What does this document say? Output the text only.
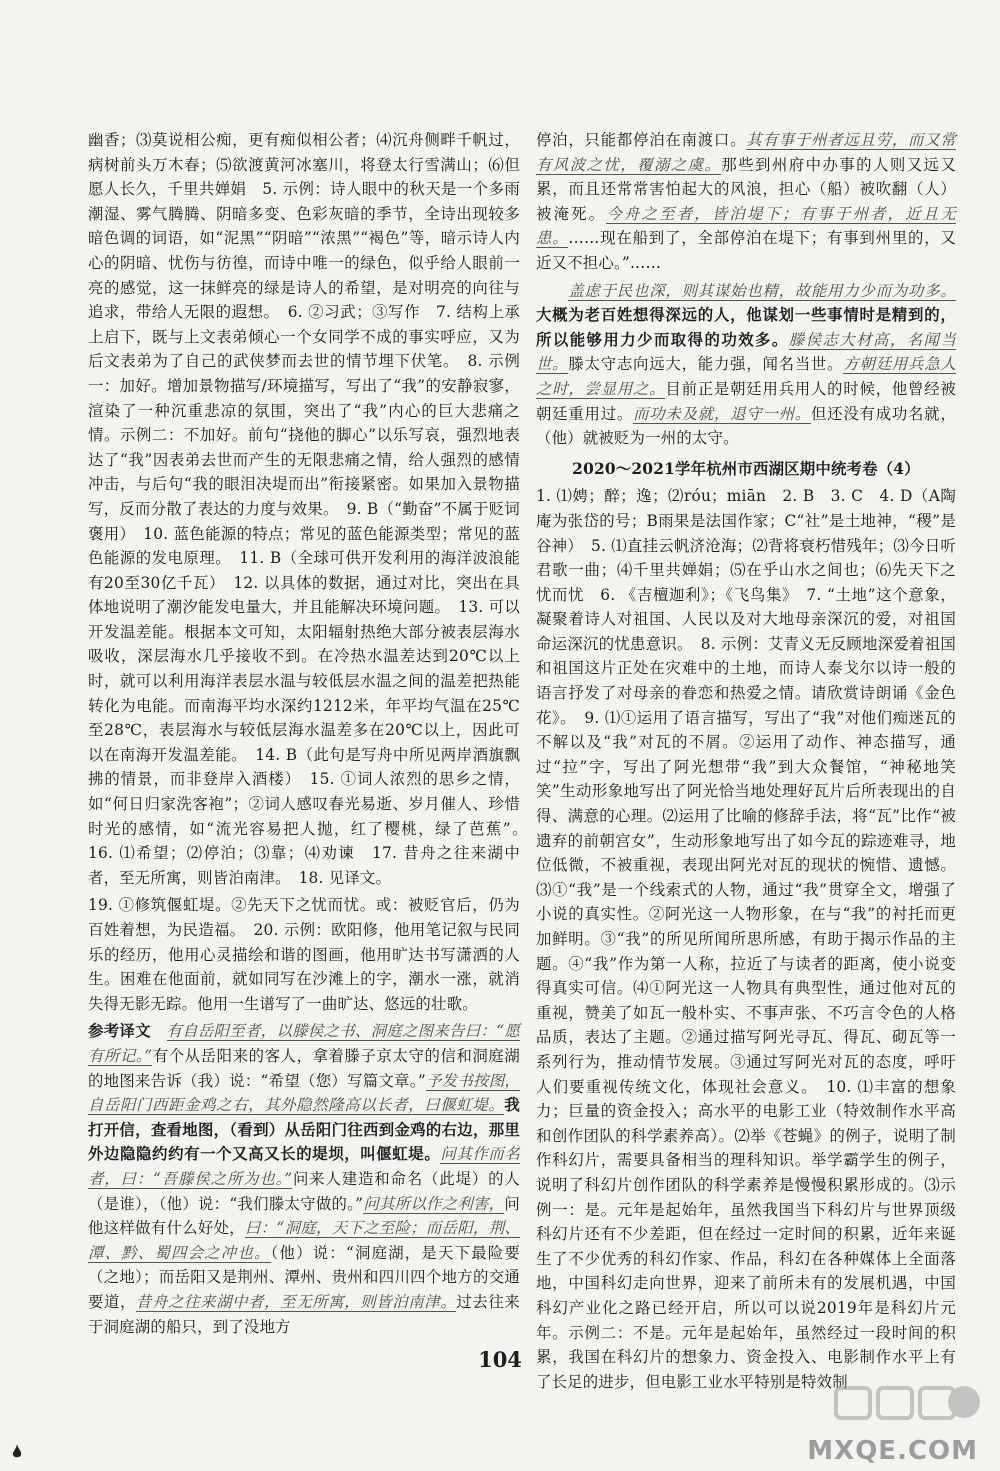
幽香；⑶莫说相公痴，更有痴似相公者；⑷沉舟侧畔千帆过，病树前头万木春；⑸欲渡黄河冰塞川，将登太行雪满山；⑹但愿人长久，千里共婵娟　5. 示例：诗人眼中的秋天是一个多雨潮湿、雾气腾腾、阴暗多变、色彩灰暗的季节，全诗出现较多暗色调的词语，如“泥黑”“阴暗”“浓黑”“褐色”等，暗示诗人内心的阴暗、忧伤与彷徨，而诗中唯一的绿色，似乎给人眼前一亮的感觉，这一抹鲜亮的绿是诗人的希望，是对明亮的向往与追求，带给人无限的遐想。　6. ②习武；③写作　7. 结构上承上启下，既与上文表弟倾心一个女同学不成的事实呼应，又为后文表弟为了自己的武侠梦而去世的情节埋下伏笔。　8. 示例一：加好。增加景物描写/环境描写，写出了“我”的安静寂寥，渲染了一种沉重悲凉的氛围，突出了“我”内心的巨大悲痛之情。示例二：不加好。前句“挠他的脚心”以乐写哀，强烈地表达了“我”因表弟去世而产生的无限悲痛之情，给人强烈的感情冲击，与后句“我的眼泪决堤而出”衔接紧密。如果加入景物描写，反而分散了表达的力度与效果。　9. B（“勤奋”不属于贬词褒用）　10. 蓝色能源的特点；常见的蓝色能源类型；常见的蓝色能源的发电原理。　11. B（全球可供开发利用的海洋波浪能有20至30亿千瓦）　12. 以具体的数据，通过对比，突出在具体地说明了潮汐能发电量大，并且能解决环境问题。　13. 可以开发温差能。根据本文可知，太阳辐射热绝大部分被表层海水吸收，深层海水几乎接收不到。在冷热水温差达到20℃以上时，就可以利用海洋表层水温与较低层水温之间的温差把热能转化为电能。而南海平均水深约1212米，年平均气温在25℃至28℃，表层海水与较低层海水温差多在20℃以上，因此可以在南海开发温差能。　14. B（此句是写舟中所见两岸酒旗飘拂的情景，而非登岸入酒楼）　15. ①词人浓烈的思乡之情，如“何日归家洗客袍”；②词人感叹春光易逝、岁月催人、珍惜时光的感情，如“流光容易把人抛，红了樱桃，绿了芭蕉”。　16. ⑴希望；⑵停泊；⑶靠；⑷劝谏　17. 昔舟之往来湖中者，至无所寓，则皆泊南津。　18. 见译文。

19. ①修筑偃虹堤。②先天下之忧而忧。或：被贬官后，仍为百姓着想，为民造福。　20. 示例：欧阳修，他用笔记叙与民同乐的经历，他用心灵描绘和谐的图画，他用旷达书写潇洒的人生。困难在他面前，就如同写在沙滩上的字，潮水一涨，就消失得无影无踪。他用一生谱写了一曲旷达、悠远的壮歌。

参考译文　 有自岳阳至者，以滕侯之书、洞庭之图来告曰：“愿有所记。”有个从岳阳来的客人，拿着滕子京太守的信和洞庭湖的地图来告诉（我）说：“希望（您）写篇文章。”予发书按图，自岳阳门西距金鸡之右，其外隐然隆高以长者，曰偃虹堤。我打开信，查看地图，（看到）从岳阳门往西到金鸡的右边，那里外边隐隐约约有一个又高又长的堤坝，叫偃虹堤。问其作而名者，曰：“吾滕侯之所为也。”问来人建造和命名（此堤）的人（是谁），（他）说：“我们滕太守做的。”问其所以作之利害，问他这样做有什么好处，曰：“洞庭，天下之至险；而岳阳，荆、潭、黔、蜀四会之冲也。（他）说：“洞庭湖，是天下最险要（之地）；而岳阳又是荆州、潭州、贵州和四川四个地方的交通要道，昔舟之往来湖中者，至无所寓，则皆泊南津。过去往来于洞庭湖的船只，到了没地方

停泊，只能都停泊在南渡口。其有事于州者远且劳，而又常有风波之忧，覆溺之虞。那些到州府中办事的人则又远又累，而且还常常害怕起大的风浪，担心（船）被吹翻（人）被淹死。今舟之至者，皆泊堤下；有事于州者，近且无患。……现在船到了，全部停泊在堤下；有事到州里的，又近又不担心。”……

　　盖虑于民也深，则其谋始也精，故能用力少而为功多。大概为老百姓想得深远的人，他谋划一些事情时是精到的，所以能够用力少而取得的功效多。滕侯志大材高，名闻当世。滕太守志向远大，能力强，闻名当世。方朝廷用兵急人之时，尝显用之。目前正是朝廷用兵用人的时候，他曾经被朝廷重用过。而功未及就，退守一州。但还没有成功名就，（他）就被贬为一州的太守。

2020～2021学年杭州市西湖区期中统考卷（4）

1. ⑴娉；醉；逸；⑵róu；miān　2. B　3. C　4. D（A陶庵为张岱的号；B雨果是法国作家；C“社”是土地神，“稷”是谷神）　5. ⑴直挂云帆济沧海；⑵背将衰朽惜残年；⑶今日听君歌一曲；⑷千里共婵娟；⑸在乎山水之间也；⑹先天下之忧而忧　6. 《吉檀迦利》；《飞鸟集》　7. “土地”这个意象，凝聚着诗人对祖国、人民以及对大地母亲深沉的爱，对祖国命运深沉的忧患意识。　8. 示例：艾青义无反顾地深爱着祖国和祖国这片正处在灾难中的土地，而诗人泰戈尔以诗一般的语言抒发了对母亲的眷恋和热爱之情。请欣赏诗朗诵《金色花》。　9. ⑴①运用了语言描写，写出了“我”对他们痴迷瓦的不解以及“我”对瓦的不屑。②运用了动作、神态描写，通过“拉”字，写出了阿光想带“我”到大众餐馆，“神秘地笑笑”生动形象地写出了阿光恰当地处理好瓦片后所表现出的自得、满意的心理。⑵运用了比喻的修辞手法，将“瓦”比作“被遗弃的前朝宫女”，生动形象地写出了如今瓦的踪迹难寻，地位低微，不被重视，表现出阿光对瓦的现状的惋惜、遗憾。⑶①“我”是一个线索式的人物，通过“我”贯穿全文，增强了小说的真实性。②阿光这一人物形象，在与“我”的衬托而更加鲜明。③“我”的所见所闻所思所感，有助于揭示作品的主题。④“我”作为第一人称，拉近了与读者的距离，使小说变得真实可信。⑷①阿光这一人物具有典型性，通过他对瓦的重视，赞美了如瓦一般朴实、不事声张、不巧言令色的人格品质，表达了主题。②通过描写阿光寻瓦、得瓦、砌瓦等一系列行为，推动情节发展。③通过写阿光对瓦的态度，呼吁人们要重视传统文化，体现社会意义。　10. ⑴丰富的想象力；巨量的资金投入；高水平的电影工业（特效制作水平高和创作团队的科学素养高）。⑵举《苍蝇》的例子，说明了制作科幻片，需要具备相当的理科知识。举学霸学生的例子，说明了科幻片创作团队的科学素养是慢慢积累形成的。⑶示例一：是。元年是起始年，虽然我国当下科幻片与世界顶级科幻片还有不少差距，但在经过一定时间的积累，近年来诞生了不少优秀的科幻作家、作品，科幻在各种媒体上全面落地，中国科幻走向世界，迎来了前所未有的发展机遇，中国科幻产业化之路已经开启，所以可以说2019年是科幻片元年。示例二：不是。元年是起始年，虽然经过一段时间的积累，我国在科幻片的想象力、资金投入、电影制作水平上有了长足的进步，但电影工业水平特别是特效制

104
MXQE.COM
